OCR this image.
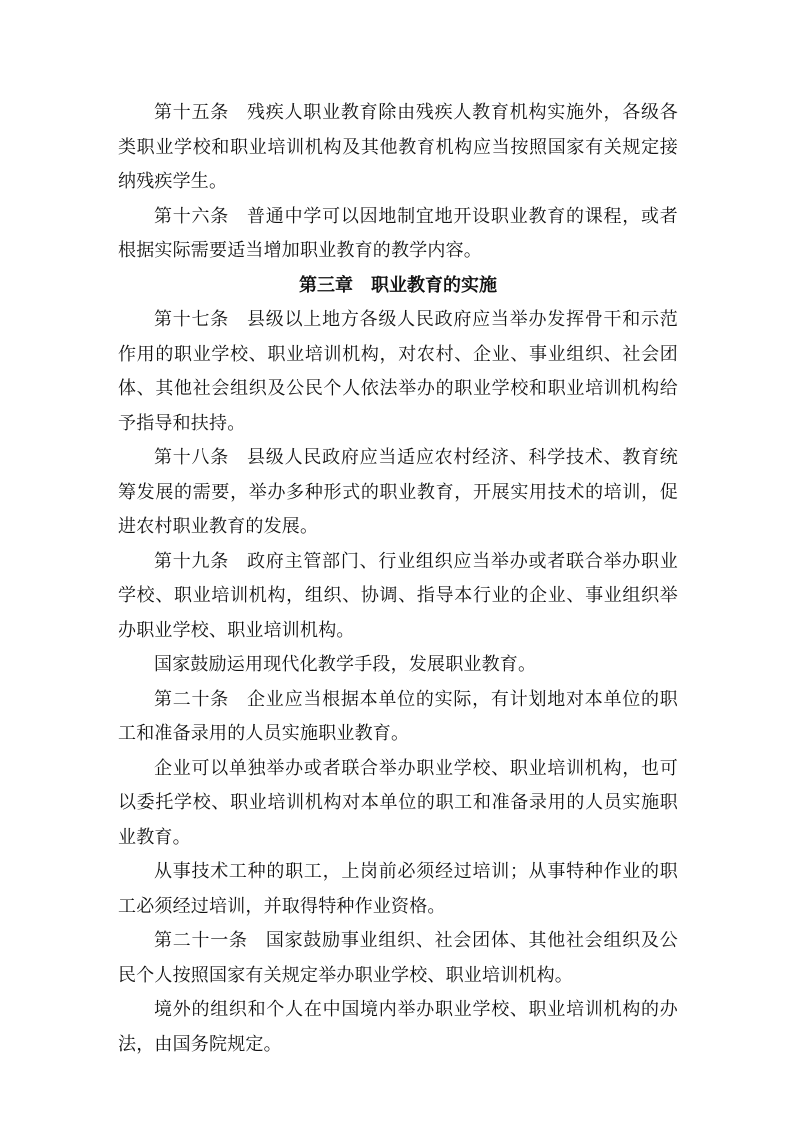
第十五条 残疾人职业教育除由残疾人教育机构实施外，各级各类职业学校和职业培训机构及其他教育机构应当按照国家有关规定接纳残疾学生。

第十六条 普通中学可以因地制宜地开设职业教育的课程，或者根据实际需要适当增加职业教育的教学内容。

第三章　职业教育的实施

第十七条 县级以上地方各级人民政府应当举办发挥骨干和示范作用的职业学校、职业培训机构，对农村、企业、事业组织、社会团体、其他社会组织及公民个人依法举办的职业学校和职业培训机构给予指导和扶持。

第十八条 县级人民政府应当适应农村经济、科学技术、教育统筹发展的需要，举办多种形式的职业教育，开展实用技术的培训，促进农村职业教育的发展。

第十九条 政府主管部门、行业组织应当举办或者联合举办职业学校、职业培训机构，组织、协调、指导本行业的企业、事业组织举办职业学校、职业培训机构。

国家鼓励运用现代化教学手段，发展职业教育。

第二十条 企业应当根据本单位的实际，有计划地对本单位的职工和准备录用的人员实施职业教育。

企业可以单独举办或者联合举办职业学校、职业培训机构，也可以委托学校、职业培训机构对本单位的职工和准备录用的人员实施职业教育。

从事技术工种的职工，上岗前必须经过培训；从事特种作业的职工必须经过培训，并取得特种作业资格。

第二十一条 国家鼓励事业组织、社会团体、其他社会组织及公民个人按照国家有关规定举办职业学校、职业培训机构。

境外的组织和个人在中国境内举办职业学校、职业培训机构的办法，由国务院规定。
